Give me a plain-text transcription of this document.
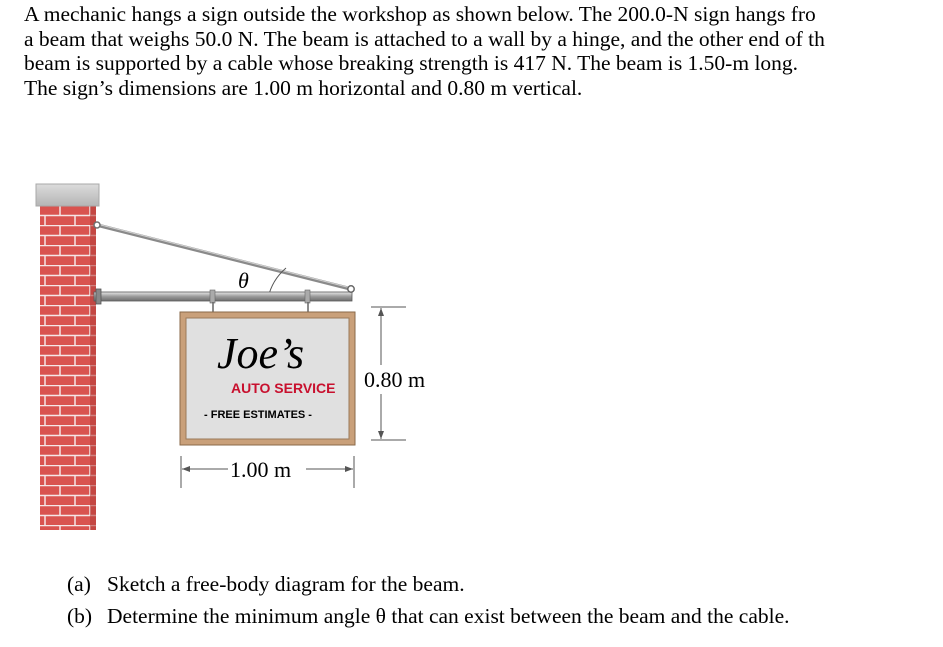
A mechanic hangs a sign outside the workshop as shown below. The 200.0-N sign hangs fro
a beam that weighs 50.0 N. The beam is attached to a wall by a hinge, and the other end of th
beam is supported by a cable whose breaking strength is 417 N. The beam is 1.50-m long.
The sign’s dimensions are 1.00 m horizontal and 0.80 m vertical.
Joe’s
AUTO SERVICE
- FREE ESTIMATES -
θ
0.80 m
1.00 m
(a) Sketch a free-body diagram for the beam.
(b) Determine the minimum angle θ that can exist between the beam and the cable.
